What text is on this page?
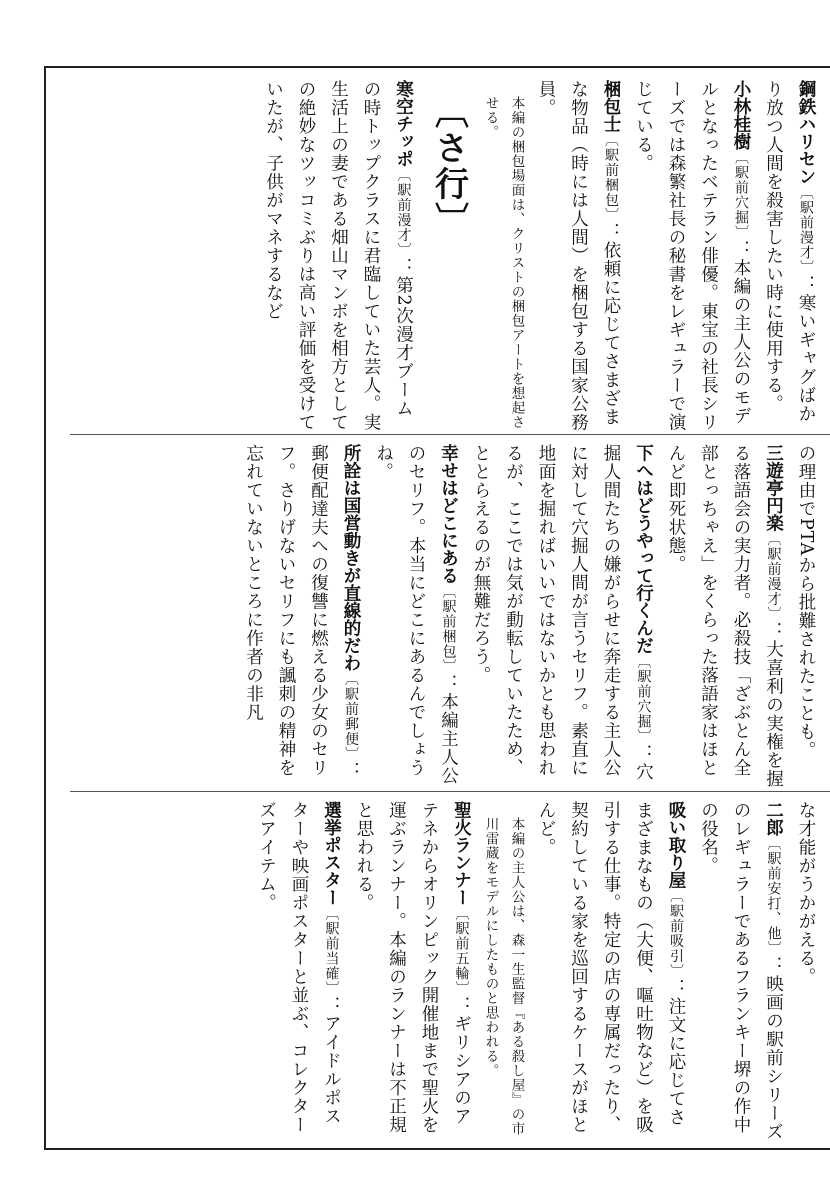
鋼鉄ハリセン〔駅前漫才〕：寒いギャグばかり放つ人間を殺害したい時に使用する。

小林桂樹〔駅前穴掘〕：本編の主人公のモデルとなったベテラン俳優。東宝の社長シリーズでは森繁社長の秘書をレギュラーで演じている。

梱包士〔駅前梱包〕：依頼に応じてさまざまな物品（時には人間）を梱包する国家公務員。

本編の梱包場面は、クリストの梱包アートを想起させる。

〔さ行〕

寒空チッポ〔駅前漫才〕：第2次漫才ブームの時トップクラスに君臨していた芸人。実生活上の妻である畑山マンボを相方としての絶妙なツッコミぶりは高い評価を受けていたが、子供がマネするなど

の理由でPTAから批難されたことも。

三遊亭円楽〔駅前漫才〕：大喜利の実権を握る落語会の実力者。必殺技「ざぶとん全部とっちゃえ」をくらった落語家はほとんど即死状態。

下へはどうやって行くんだ〔駅前穴掘〕：穴掘人間たちの嫌がらせに奔走する主人公に対して穴掘人間が言うセリフ。素直に地面を掘ればいいではないかとも思われるが、ここでは気が動転していたため、ととらえるのが無難だろう。

幸せはどこにある〔駅前梱包〕：本編主人公のセリフ。本当にどこにあるんでしょうね。

所詮は国営動きが直線的だわ〔駅前郵便〕：郵便配達夫への復讐に燃える少女のセリフ。さりげないセリフにも諷刺の精神を忘れていないところに作者の非凡

な才能がうかがえる。

二郎〔駅前安打、他〕：映画の駅前シリーズのレギュラーであるフランキー堺の作中の役名。

吸い取り屋〔駅前吸引〕：注文に応じてさまざまなもの（大便、嘔吐物など）を吸引する仕事。特定の店の専属だったり、契約している家を巡回するケースがほとんど。

本編の主人公は、森一生監督『ある殺し屋』の市川雷蔵をモデルにしたものと思われる。

聖火ランナー〔駅前五輪〕：ギリシアのアテネからオリンピック開催地まで聖火を運ぶランナー。本編のランナーは不正規と思われる。

選挙ポスター〔駅前当確〕：アイドルポスターや映画ポスターと並ぶ、コレクターズアイテム。
